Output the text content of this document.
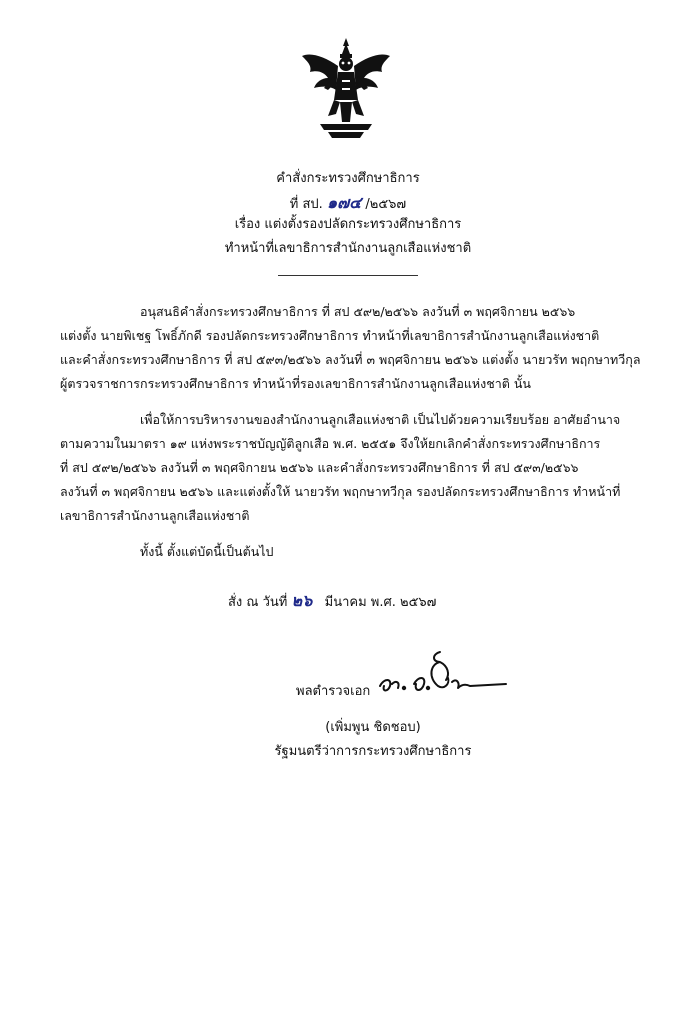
คำสั่งกระทรวงศึกษาธิการ
ที่ สป. ๑๗๔ /๒๕๖๗
เรื่อง แต่งตั้งรองปลัดกระทรวงศึกษาธิการ
ทำหน้าที่เลขาธิการสำนักงานลูกเสือแห่งชาติ
อนุสนธิคำสั่งกระทรวงศึกษาธิการ ที่ สป ๕๙๒/๒๕๖๖ ลงวันที่ ๓ พฤศจิกายน ๒๕๖๖
แต่งตั้ง นายพิเชฐ โพธิ์ภักดี รองปลัดกระทรวงศึกษาธิการ ทำหน้าที่เลขาธิการสำนักงานลูกเสือแห่งชาติ
และคำสั่งกระทรวงศึกษาธิการ ที่ สป ๕๙๓/๒๕๖๖ ลงวันที่ ๓ พฤศจิกายน ๒๕๖๖ แต่งตั้ง นายวรัท พฤกษาทวีกุล
ผู้ตรวจราชการกระทรวงศึกษาธิการ ทำหน้าที่รองเลขาธิการสำนักงานลูกเสือแห่งชาติ นั้น
เพื่อให้การบริหารงานของสำนักงานลูกเสือแห่งชาติ เป็นไปด้วยความเรียบร้อย อาศัยอำนาจ
ตามความในมาตรา ๑๙ แห่งพระราชบัญญัติลูกเสือ พ.ศ. ๒๕๕๑ จึงให้ยกเลิกคำสั่งกระทรวงศึกษาธิการ
ที่ สป ๕๙๒/๒๕๖๖ ลงวันที่ ๓ พฤศจิกายน ๒๕๖๖ และคำสั่งกระทรวงศึกษาธิการ ที่ สป ๕๙๓/๒๕๖๖
ลงวันที่ ๓ พฤศจิกายน ๒๕๖๖ และแต่งตั้งให้ นายวรัท พฤกษาทวีกุล รองปลัดกระทรวงศึกษาธิการ ทำหน้าที่
เลขาธิการสำนักงานลูกเสือแห่งชาติ
ทั้งนี้ ตั้งแต่บัดนี้เป็นต้นไป
สั่ง ณ วันที่ ๒๖ มีนาคม พ.ศ. ๒๕๖๗
พลตำรวจเอก
(เพิ่มพูน ชิดชอบ)
รัฐมนตรีว่าการกระทรวงศึกษาธิการ
